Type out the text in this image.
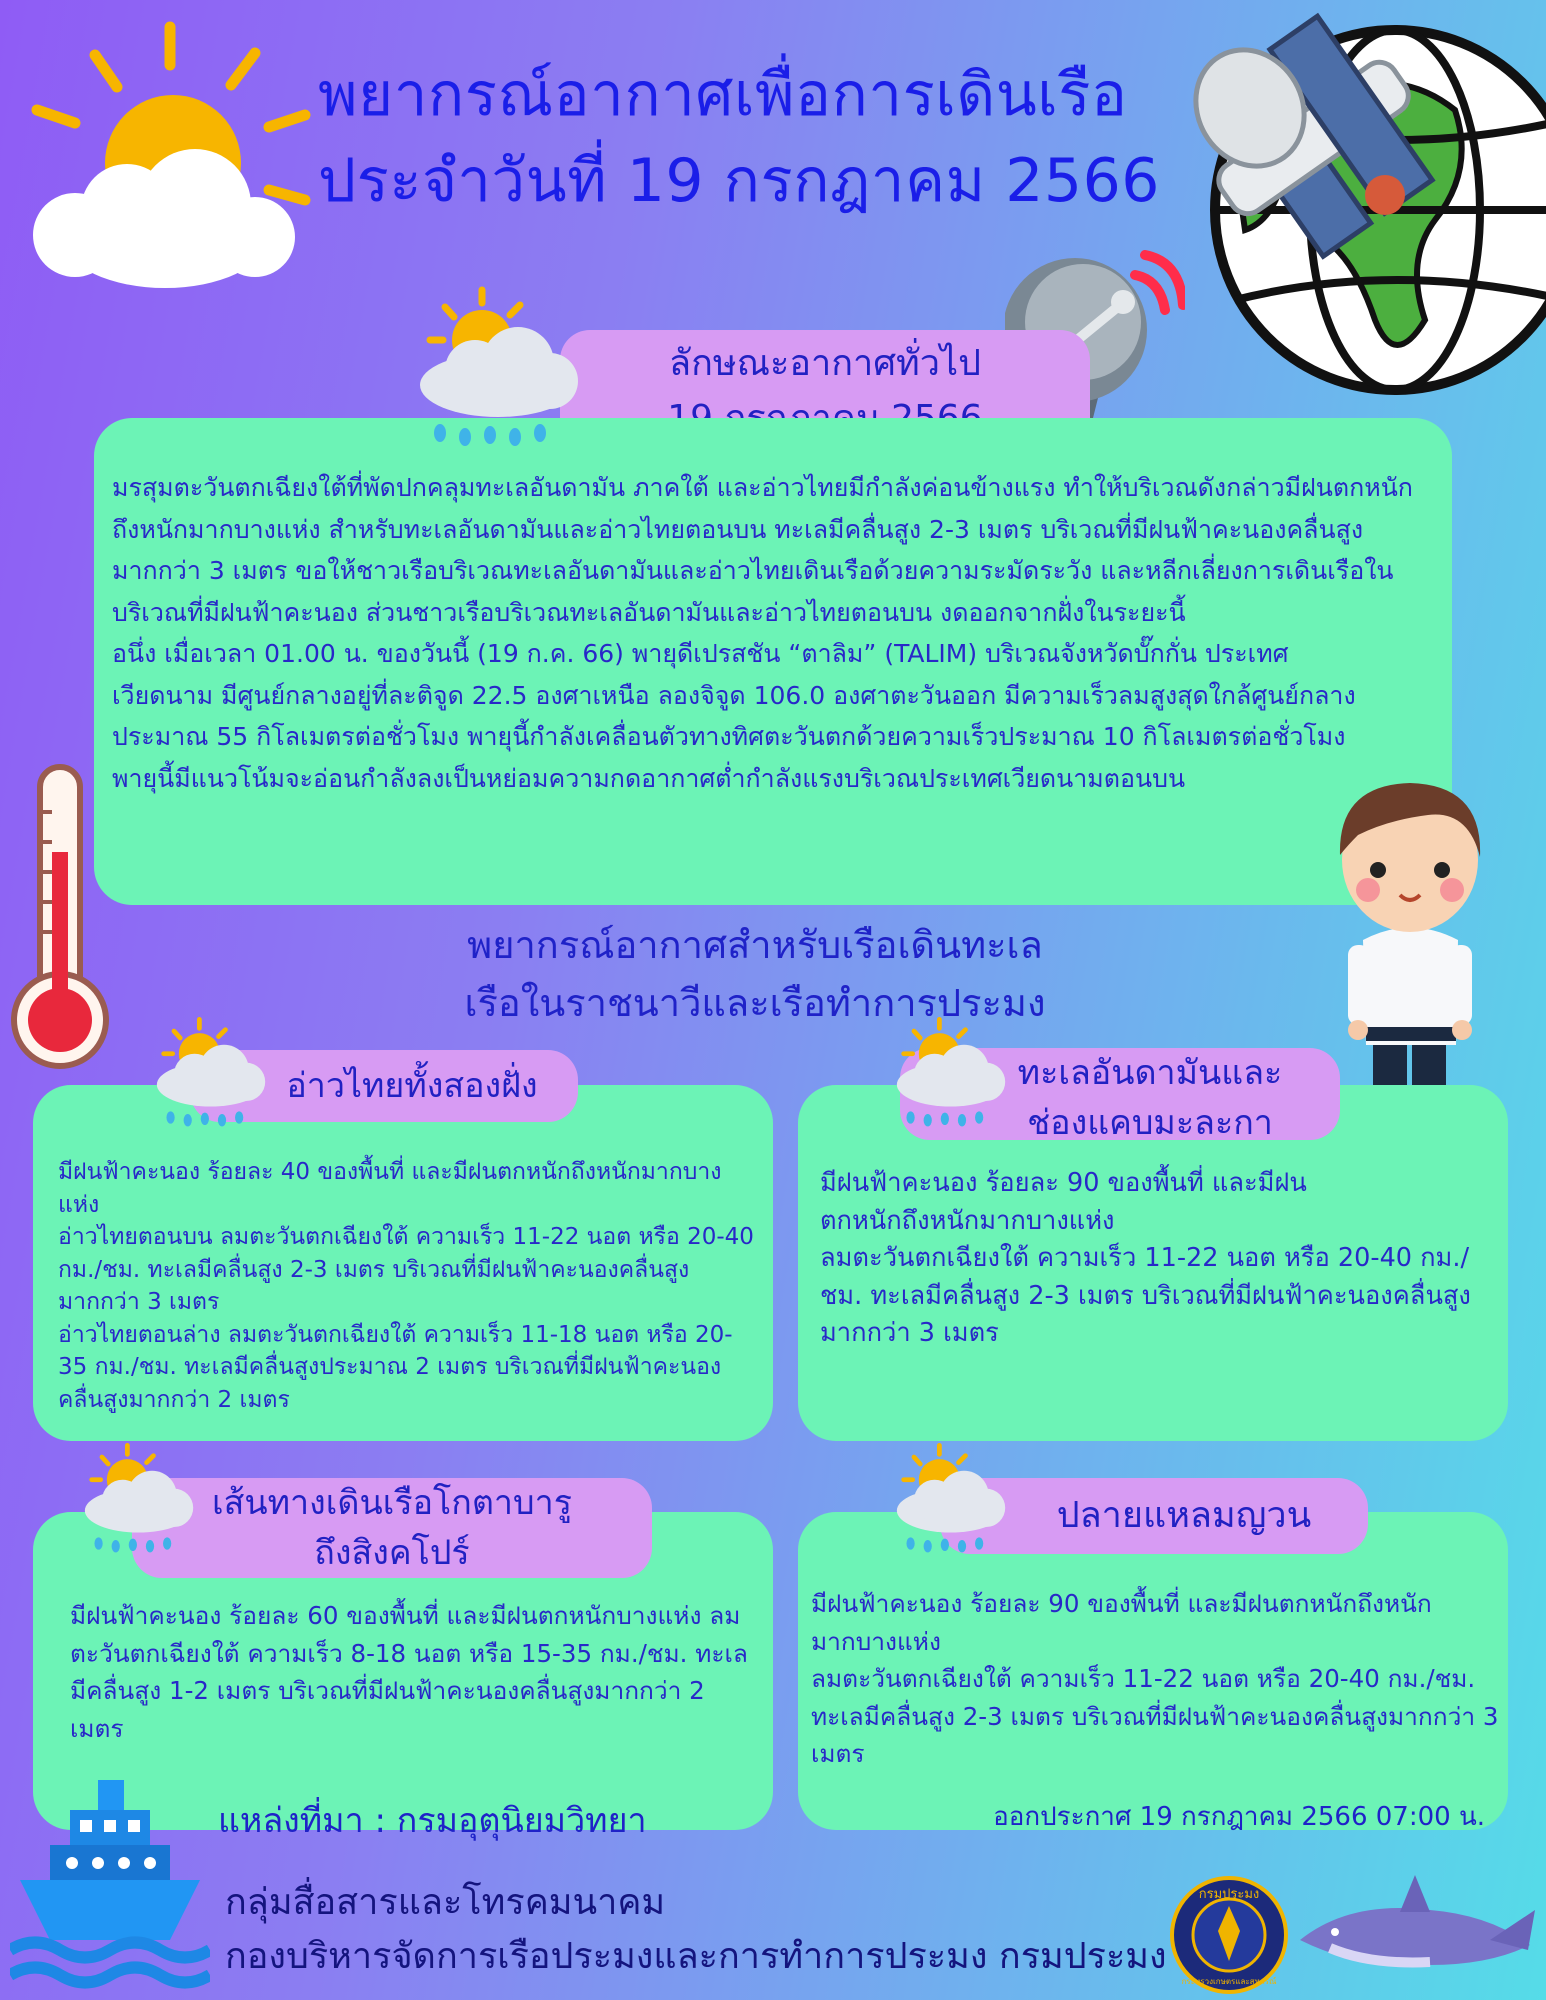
พยากรณ์อากาศเพื่อการเดินเรือ

ประจำวันที่ 19 กรกฎาคม 2566

ลักษณะอากาศทั่วไป

มรสุมตะวันตกเฉียงใต้ที่พัดปกคลุมทะเลอันดามัน ภาคใต้ และอ่าวไทยมีกำลังค่อนข้างแรง ทำให้บริเวณดังกล่าวมีฝนตกหนักถึงหนักมากบางแห่ง สำหรับทะเลอันดามันและอ่าวไทยตอนบน ทะเลมีคลื่นสูง 2-3 เมตร บริเวณที่มีฝนฟ้าคะนองคลื่นสูงมากกว่า 3 เมตร ขอให้ชาวเรือบริเวณทะเลอันดามันและอ่าวไทยเดินเรือด้วยความระมัดระวัง และหลีกเลี่ยงการเดินเรือในบริเวณที่มีฝนฟ้าคะนอง ส่วนชาวเรือบริเวณทะเลอันดามันและอ่าวไทยตอนบน งดออกจากฝั่งในระยะนี้

อนึ่ง เมื่อเวลา 01.00 น. ของวันนี้ (19 ก.ค. 66) พายุดีเปรสชัน “ตาลิม” (TALIM) บริเวณจังหวัดบั๊กกั่น ประเทศเวียดนาม มีศูนย์กลางอยู่ที่ละติจูด 22.5 องศาเหนือ ลองจิจูด 106.0 องศาตะวันออก มีความเร็วลมสูงสุดใกล้ศูนย์กลางประมาณ 55 กิโลเมตรต่อชั่วโมง พายุนี้กำลังเคลื่อนตัวทางทิศตะวันตกด้วยความเร็วประมาณ 10 กิโลเมตรต่อชั่วโมง พายุนี้มีแนวโน้มจะอ่อนกำลังลงเป็นหย่อมความกดอากาศต่ำกำลังแรงบริเวณประเทศเวียดนามตอนบน

พยากรณ์อากาศสำหรับเรือเดินทะเล

เรือในราชนาวีและเรือทำการประมง

อ่าวไทยทั้งสองฝั่ง

มีฝนฟ้าคะนอง ร้อยละ 40 ของพื้นที่ และมีฝนตกหนักถึงหนักมากบางแห่ง

อ่าวไทยตอนบน ลมตะวันตกเฉียงใต้ ความเร็ว 11-22 นอต หรือ 20-40 กม./ชม. ทะเลมีคลื่นสูง 2-3 เมตร บริเวณที่มีฝนฟ้าคะนองคลื่นสูงมากกว่า 3 เมตร

อ่าวไทยตอนล่าง ลมตะวันตกเฉียงใต้ ความเร็ว 11-18 นอต หรือ 20-35 กม./ชม. ทะเลมีคลื่นสูงประมาณ 2 เมตร บริเวณที่มีฝนฟ้าคะนองคลื่นสูงมากกว่า 2 เมตร

ทะเลอันดามันและ

ช่องแคบมะละกา

มีฝนฟ้าคะนอง ร้อยละ 90 ของพื้นที่ และมีฝนตกหนักถึงหนักมากบางแห่ง

ลมตะวันตกเฉียงใต้ ความเร็ว 11-22 นอต หรือ 20-40 กม./ชม. ทะเลมีคลื่นสูง 2-3 เมตร บริเวณที่มีฝนฟ้าคะนองคลื่นสูงมากกว่า 3 เมตร

เส้นทางเดินเรือโกตาบารู

ถึงสิงคโปร์

มีฝนฟ้าคะนอง ร้อยละ 60 ของพื้นที่ และมีฝนตกหนักบางแห่ง ลมตะวันตกเฉียงใต้ ความเร็ว 8-18 นอต หรือ 15-35 กม./ชม. ทะเลมีคลื่นสูง 1-2 เมตร บริเวณที่มีฝนฟ้าคะนองคลื่นสูงมากกว่า 2 เมตร

แหล่งที่มา : กรมอุตุนิยมวิทยา
ปลายแหลมญวน

มีฝนฟ้าคะนอง ร้อยละ 90 ของพื้นที่ และมีฝนตกหนักถึงหนักมากบางแห่ง

ลมตะวันตกเฉียงใต้ ความเร็ว 11-22 นอต หรือ 20-40 กม./ชม. ทะเลมีคลื่นสูง 2-3 เมตร บริเวณที่มีฝนฟ้าคะนองคลื่นสูงมากกว่า 3 เมตร

ออกประกาศ 19 กรกฎาคม 2566 07:00 น.

กลุ่มสื่อสารและโทรคมนาคม

กองบริหารจัดการเรือประมงและการทำการประมง กรมประมง

กรมประมง
กระทรวงเกษตรและสหกรณ์
